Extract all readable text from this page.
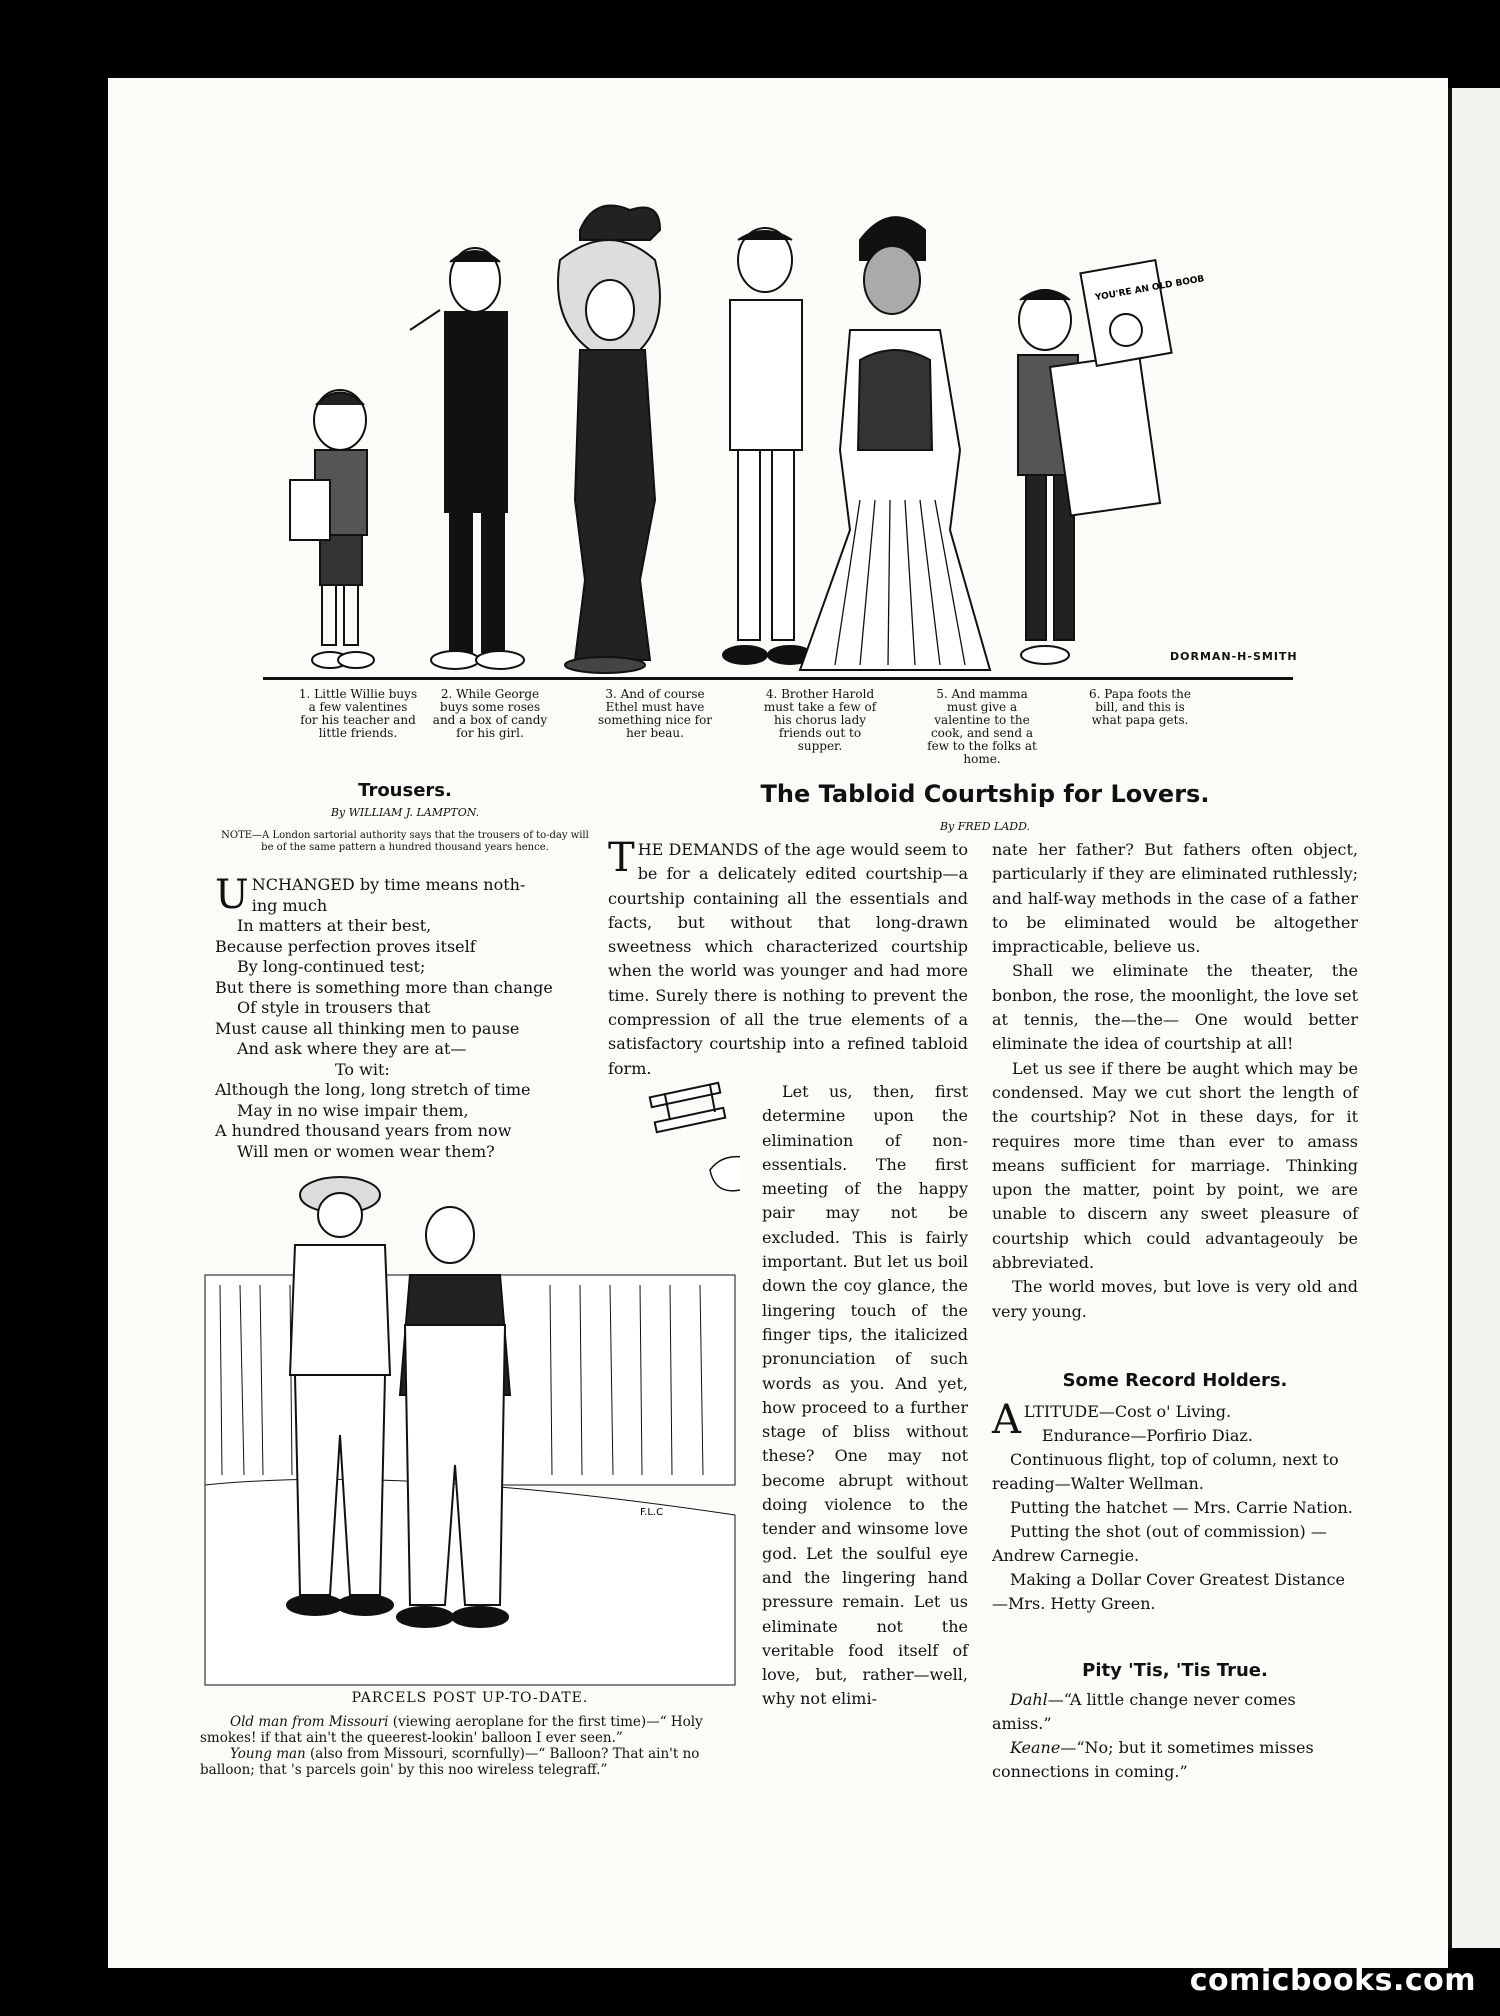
YOU'RE AN OLD BOOB
DORMAN-H-SMITH
1. Little Willie buys a few valentines for his teacher and little friends.
2. While George buys some roses and a box of candy for his girl.
3. And of course Ethel must have something nice for her beau.
4. Brother Harold must take a few of his chorus lady friends out to supper.
5. And mamma must give a valentine to the cook, and send a few to the folks at home.
6. Papa foots the bill, and this is what papa gets.
Trousers.
By WILLIAM J. LAMPTON.
NOTE—A London sartorial authority says that the trousers of to-day will be of the same pattern a hundred thousand years hence.
U NCHANGED by time means noth-
ing much
In matters at their best,
Because perfection proves itself
By long-continued test;
But there is something more than change
Of style in trousers that
Must cause all thinking men to pause
And ask where they are at—
To wit:
Although the long, long stretch of time
May in no wise impair them,
A hundred thousand years from now
Will men or women wear them?
F.L.C
PARCELS POST UP-TO-DATE.

Old man from Missouri (viewing aeroplane for the first time)—“ Holy smokes! if that ain't the queerest-lookin' balloon I ever seen.”

Young man (also from Missouri, scornfully)—“ Balloon? That ain't no balloon; that 's parcels goin' by this noo wireless telegraff.”

The Tabloid Courtship for Lovers.
By FRED LADD.

THE DEMANDS of the age would seem to be for a delicately edited courtship—a courtship containing all the essentials and facts, but without that long-drawn sweetness which characterized courtship when the world was younger and had more time. Surely there is nothing to prevent the compression of all the true elements of a satisfactory courtship into a refined tabloid form.

Let us, then, first determine upon the elimination of non-essentials. The first meeting of the happy pair may not be excluded. This is fairly important. But let us boil down the coy glance, the lingering touch of the finger tips, the italicized pronunciation of such words as you. And yet, how proceed to a further stage of bliss without these? One may not become abrupt without doing violence to the tender and winsome love god. Let the soulful eye and the lingering hand pressure remain. Let us eliminate not the veritable food itself of love, but, rather—well, why not elimi-

nate her father? But fathers often object, particularly if they are eliminated ruthlessly; and half-way methods in the case of a father to be eliminated would be altogether impracticable, believe us.

Shall we eliminate the theater, the bonbon, the rose, the moonlight, the love set at tennis, the—the— One would better eliminate the idea of courtship at all!

Let us see if there be aught which may be condensed. May we cut short the length of the courtship? Not in these days, for it requires more time than ever to amass means sufficient for marriage. Thinking upon the matter, point by point, we are unable to discern any sweet pleasure of courtship which could advantageouly be abbreviated.

The world moves, but love is very old and very young.

Some Record Holders.

ALTITUDE—Cost o' Living.

Endurance—Porfirio Diaz.

Continuous flight, top of column, next to reading—Walter Wellman.

Putting the hatchet — Mrs. Carrie Nation.

Putting the shot (out of commission) —Andrew Carnegie.

Making a Dollar Cover Greatest Distance—Mrs. Hetty Green.

Pity 'Tis, 'Tis True.

Dahl—“A little change never comes amiss.”

Keane—“No; but it sometimes misses connections in coming.”

comicbooks.com
